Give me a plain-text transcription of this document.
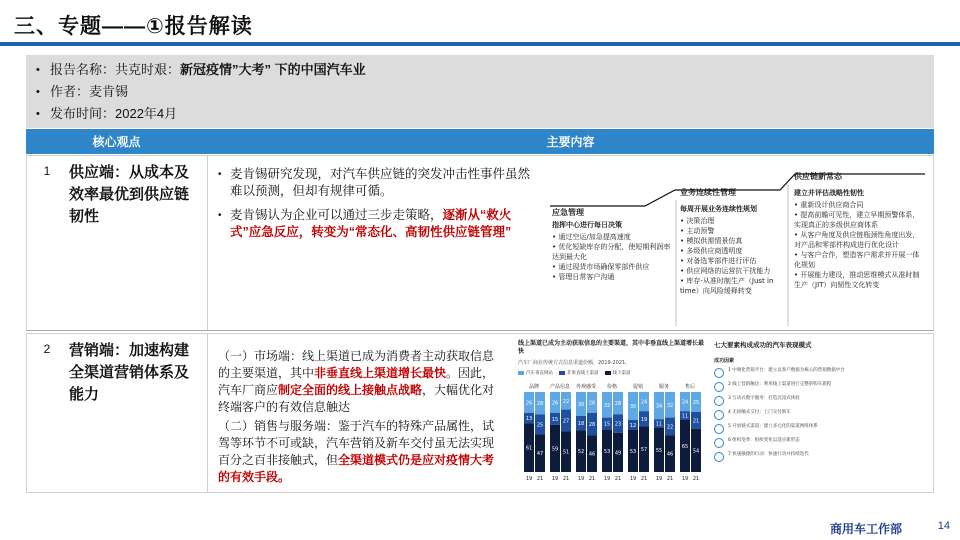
三、专题——①报告解读
• 报告名称：共克时艰： 新冠疫情”大考” 下的中国汽车业
• 作者：麦肯锡
• 发布时间：2022年4月
核心观点	主要内容
1	供应端：从成本及效率最优到供应链韧性
• 麦肯锡研究发现，对汽车供应链的突发冲击性事件虽然难以预测，但却有规律可循。
• 麦肯锡认为企业可以通过三步走策略，逐渐从“救火式”应急反应，转变为“常态化、高韧性供应链管理”
应急管理
指挥中心进行每日决策
• 通过空运/加急提高速度
• 优化短缺库存的分配，使短期利润率达到最大化
• 通过现货市场确保零部件供应
• 管理日常客户沟通
业务连续性管理
每周开展业务连续性规划
• 决策治理
• 主动预警
• 模拟供需情景仿真
• 多级供应商透明度
• 对备选零部件进行评估
• 供应网络的运营抗干扰能力
• 库存-从准时制生产（Just in time）向风险缓释转变
供应链新常态
建立并评估战略性韧性
• 重新设计供应商合同
• 提高前瞻可见性，建立早期预警体系，实现真正的多级供应商体系
• 从客户角度及供应链瓶颈性角度出发，对产品和零部件构成进行优化设计
• 与客户合作，塑造客户需求并开展一体化规划
• 开展能力建设，推动思维模式从准时制生产（JIT）向韧性文化转变
2	营销端：加速构建全渠道营销体系及能力

（一）市场端：线上渠道已成为消费者主动获取信息的主要渠道，其中非垂直线上渠道增长最快。因此，汽车厂商应制定全面的线上接触点战略，大幅优化对终端客户的有效信息触达

（二）销售与服务端：鉴于汽车的特殊产品属性，试驾等环节不可或缺，汽车营销及新车交付虽无法实现百分之百非接触式，但全渠道模式仍是应对疫情大考的有效手段。

线上渠道已成为主动获取信息的主要渠道，其中非垂直线上渠道增长最快
汽车厂商在传统方式信息渠道份额，2019-2021，
汽车垂直网站	非垂直线上渠道	线下渠道
品牌
26
13
61
19
28
25
47
21
产品信息
26
15
59
19
22
27
51
21
外观感受
30
18
52
19
26
28
46
21
价格
32
15
53
19
28
23
49
21
促销
35
12
53
19
24
19
57
21
服务
34
11
55
19
32
22
46
21
售后
24
11
65
19
25
21
54
21
七大要素构成成功的汽车表现模式
成功因素
1 中端化营销平台：建立以客户数据为核心的营销数据中台
2 线上营销触达：利用线上渠道进行完整的购车旅程
3 互动式数字服务：打造沉浸式体验
4 无接触式交付：上门交付新车
5 开放链式渠道：建立多元化的渠道网络体系
6 组织变革：组织变化以适应新形态
7 快速敏捷的行动：快速行动并持续迭代
商用车工作部	14
